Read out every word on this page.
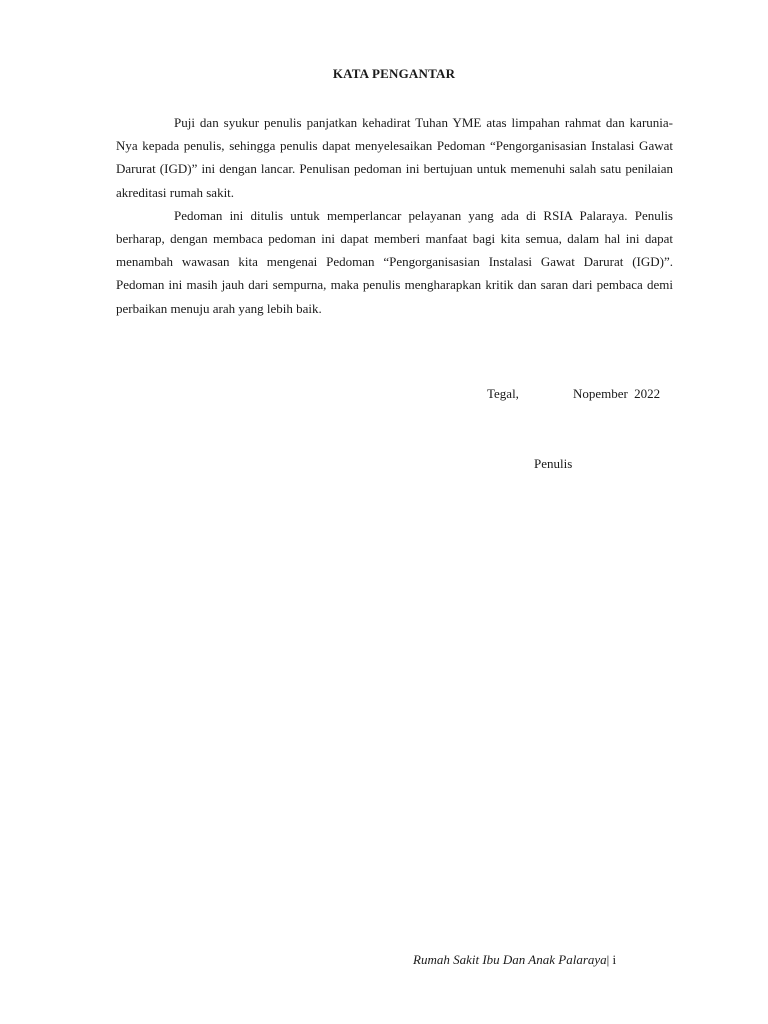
KATA PENGANTAR

Puji dan syukur penulis panjatkan kehadirat Tuhan YME atas limpahan rahmat dan karunia-Nya kepada penulis, sehingga penulis dapat menyelesaikan Pedoman “Pengorganisasian Instalasi Gawat Darurat (IGD)” ini dengan lancar. Penulisan pedoman ini bertujuan untuk memenuhi salah satu penilaian akreditasi rumah sakit.

Pedoman ini ditulis untuk memperlancar pelayanan yang ada di RSIA Palaraya. Penulis berharap, dengan membaca pedoman ini dapat memberi manfaat bagi kita semua, dalam hal ini dapat menambah wawasan kita mengenai Pedoman “Pengorganisasian Instalasi Gawat Darurat (IGD)”. Pedoman ini masih jauh dari sempurna, maka penulis mengharapkan kritik dan saran dari pembaca demi perbaikan menuju arah yang lebih baik.

Tegal,	Nopember 2022
Penulis
Rumah Sakit Ibu Dan Anak Palaraya| i
